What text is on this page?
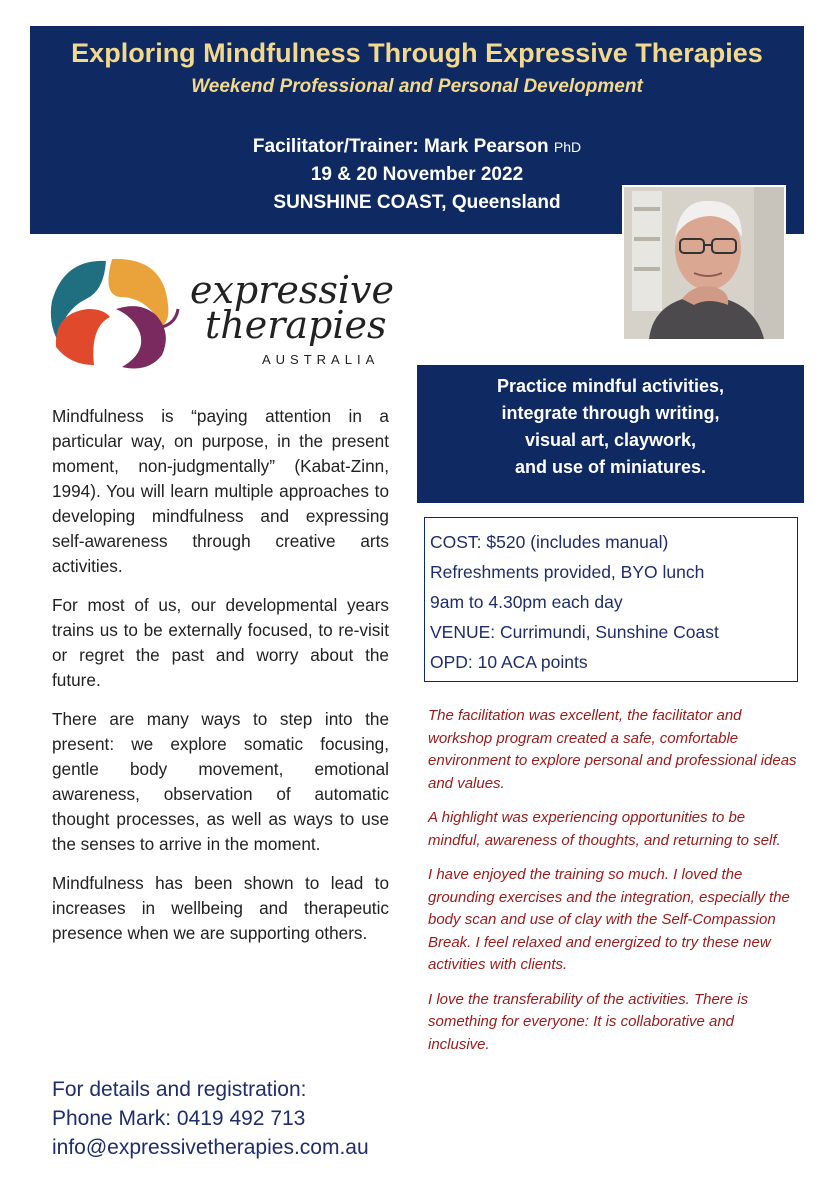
Exploring Mindfulness Through Expressive Therapies
Weekend Professional and Personal Development
Facilitator/Trainer: Mark Pearson PhD
19 & 20 November 2022
SUNSHINE COAST, Queensland
expressive
therapies
AUSTRALIA
Practice mindful activities,
integrate through writing,
visual art, claywork,
and use of miniatures.
COST: $520 (includes manual)
Refreshments provided, BYO lunch
9am to 4.30pm each day
VENUE: Currimundi, Sunshine Coast
OPD: 10 ACA points

Mindfulness is “paying attention in a particular way, on purpose, in the present moment, non-judgmentally” (Kabat-Zinn, 1994). You will learn multiple approaches to developing mindfulness and expressing self-awareness through creative arts activities.

For most of us, our developmental years trains us to be externally focused, to re-visit or regret the past and worry about the future.

There are many ways to step into the present: we explore somatic focusing, gentle body movement, emotional awareness, observation of automatic thought processes, as well as ways to use the senses to arrive in the moment.

Mindfulness has been shown to lead to increases in wellbeing and therapeutic presence when we are supporting others.

The facilitation was excellent, the facilitator and workshop program created a safe, comfortable environment to explore personal and professional ideas and values.

A highlight was experiencing opportunities to be mindful, awareness of thoughts, and returning to self.

I have enjoyed the training so much. I loved the grounding exercises and the integration, especially the body scan and use of clay with the Self-Compassion Break. I feel relaxed and energized to try these new activities with clients.

I love the transferability of the activities. There is something for everyone: It is collaborative and inclusive.

For details and registration:
Phone Mark: 0419 492 713
info@expressivetherapies.com.au
